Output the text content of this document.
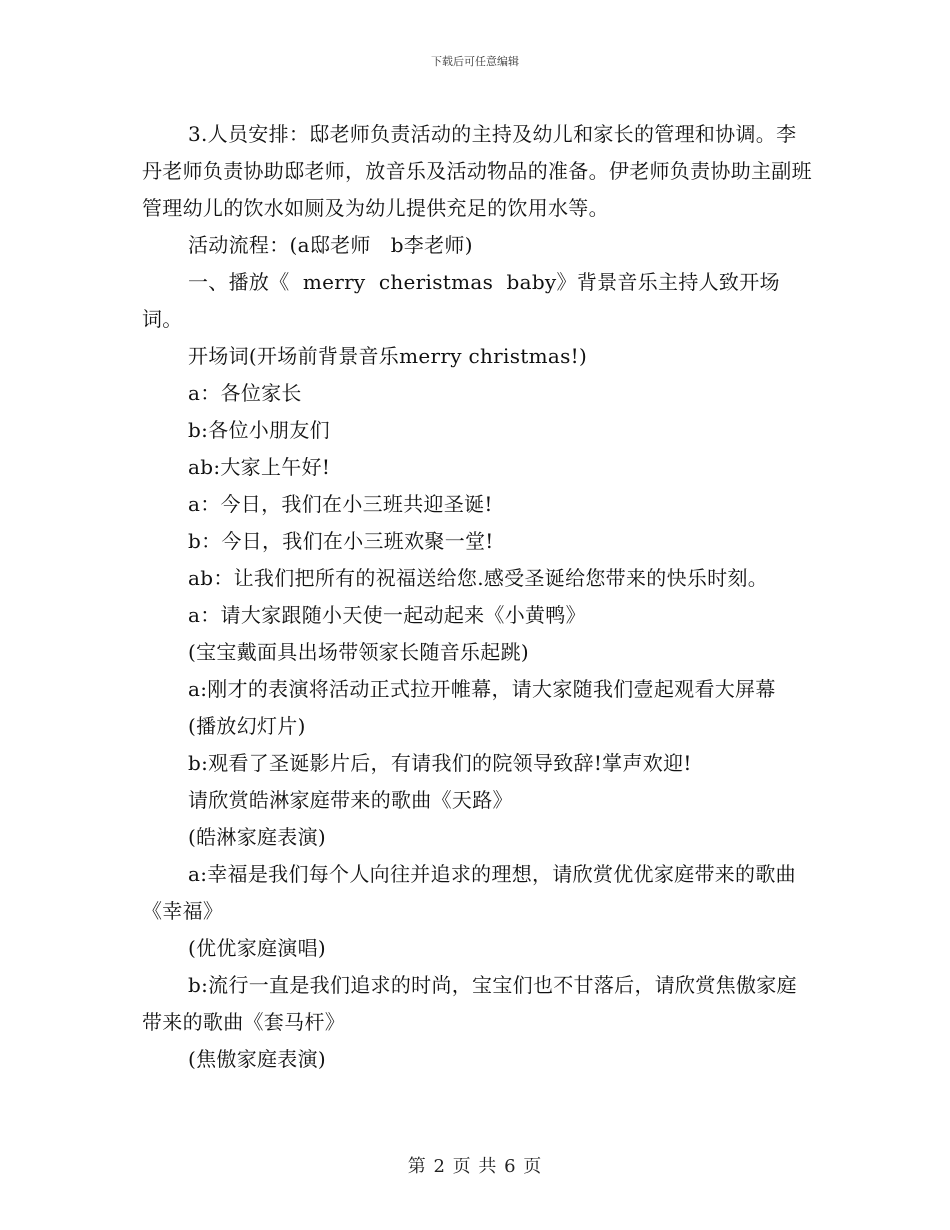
下载后可任意编辑

3.人员安排：邸老师负责活动的主持及幼儿和家长的管理和协调。李丹老师负责协助邸老师，放音乐及活动物品的准备。伊老师负责协助主副班管理幼儿的饮水如厕及为幼儿提供充足的饮用水等。

活动流程：(a邸老师   b李老师)

一、播放《  merry  cheristmas  baby》背景音乐主持人致开场词。

开场词(开场前背景音乐merry christmas!)

a：各位家长

b:各位小朋友们

ab:大家上午好!

a：今日，我们在小三班共迎圣诞!

b：今日，我们在小三班欢聚一堂!

ab：让我们把所有的祝福送给您.感受圣诞给您带来的快乐时刻。

a：请大家跟随小天使一起动起来《小黄鸭》

(宝宝戴面具出场带领家长随音乐起跳)

a:刚才的表演将活动正式拉开帷幕，请大家随我们壹起观看大屏幕

(播放幻灯片)

b:观看了圣诞影片后，有请我们的院领导致辞!掌声欢迎!

请欣赏皓淋家庭带来的歌曲《天路》

(皓淋家庭表演)

a:幸福是我们每个人向往并追求的理想，请欣赏优优家庭带来的歌曲《幸福》

(优优家庭演唱)

b:流行一直是我们追求的时尚，宝宝们也不甘落后，请欣赏焦傲家庭带来的歌曲《套马杆》

(焦傲家庭表演)

第 2 页 共 6 页
